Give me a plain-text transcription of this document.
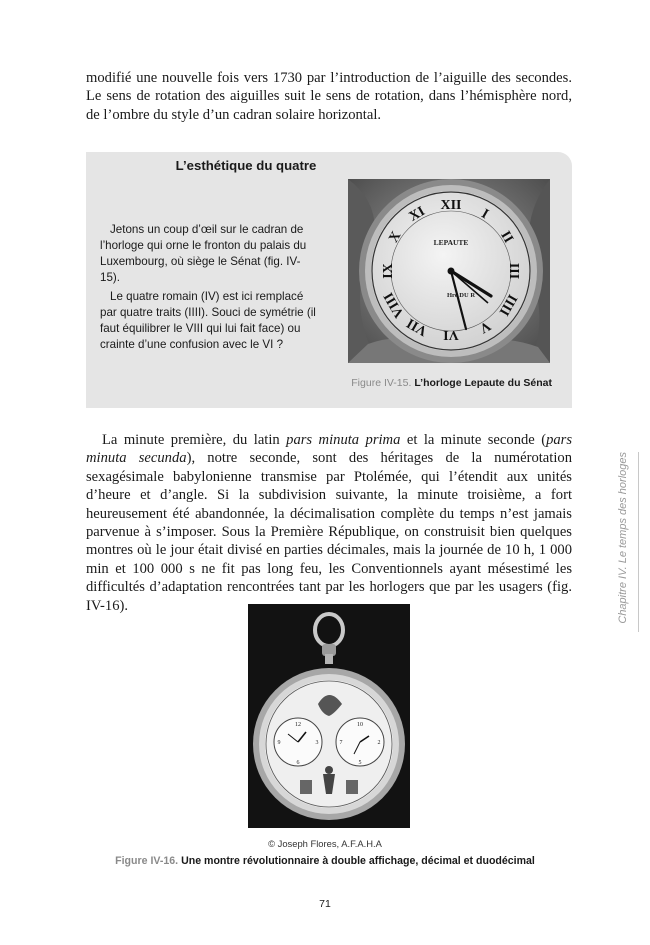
modifié une nouvelle fois vers 1730 par l’introduction de l’aiguille des secondes. Le sens de rotation des aiguilles suit le sens de rotation, dans l’hémisphère nord, de l’ombre du style d’un cadran solaire horizontal.

L’esthétique du quatre

Jetons un coup d’œil sur le cadran de l’horloge qui orne le fronton du palais du Luxembourg, où siège le Sénat (fig. IV-15).

Le quatre romain (IV) est ici remplacé par quatre traits (IIII). Souci de symétrie (il faut équilibrer le VIII qui lui fait face) ou crainte d’une confusion avec le VI ?

XII
I
II
III
IIII
V
VI
VII
VIII
IX
X
XI
LEPAUTE
Hre DU R
Figure IV-15. L’horloge Lepaute du Sénat

La minute première, du latin pars minuta prima et la minute seconde (pars minuta secunda), notre seconde, sont des héritages de la numérotation sexagésimale babylonienne transmise par Ptolémée, qui l’étendit aux unités d’heure et d’angle. Si la subdivision suivante, la minute troisième, a fort heureusement été abandonnée, la décimalisation complète du temps n’est jamais parvenue à s’imposer. Sous la Première République, on construisit bien quelques montres où le jour était divisé en parties décimales, mais la journée de 10 h, 1 000 min et 100 000 s ne fit pas long feu, les Conventionnels ayant mésestimé les difficultés d’adaptation rencontrées tant par les horlogers que par les usagers (fig. IV-16).

12
3
6
9
10
2
5
7
© Joseph Flores, A.F.A.H.A
Figure IV-16. Une montre révolutionnaire à double affichage, décimal et duodécimal
Chapitre IV. Le temps des horloges
71
